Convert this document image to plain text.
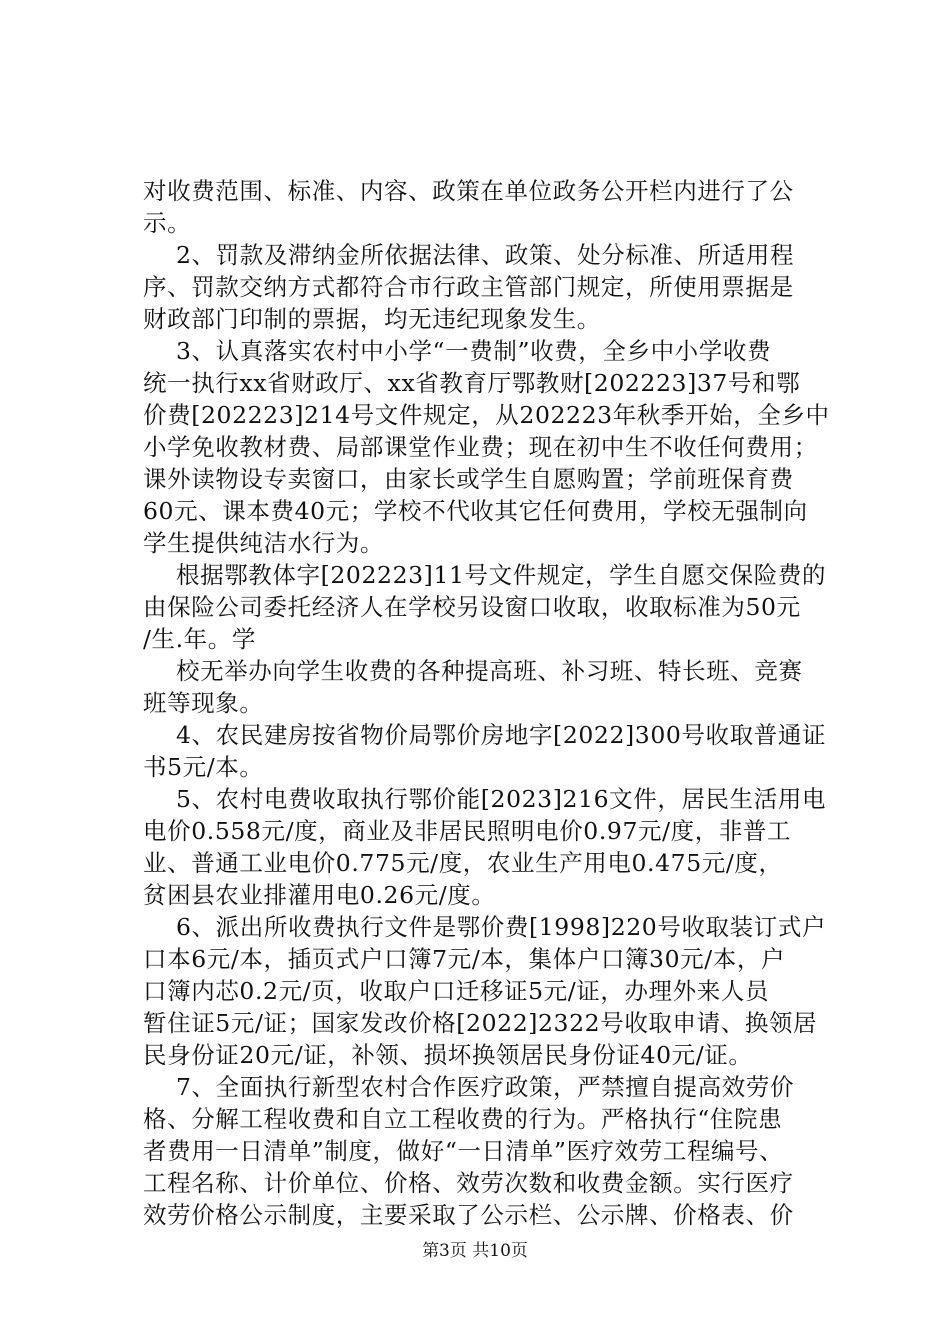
对收费范围、标准、内容、政策在单位政务公开栏内进行了公
示。
2、罚款及滞纳金所依据法律、政策、处分标准、所适用程
序、罚款交纳方式都符合市行政主管部门规定，所使用票据是
财政部门印制的票据，均无违纪现象发生。
3、认真落实农村中小学“一费制”收费，全乡中小学收费
统一执行xx省财政厅、xx省教育厅鄂教财[202223]37号和鄂
价费[202223]214号文件规定，从202223年秋季开始，全乡中
小学免收教材费、局部课堂作业费；现在初中生不收任何费用；
课外读物设专卖窗口，由家长或学生自愿购置；学前班保育费
60元、课本费40元；学校不代收其它任何费用，学校无强制向
学生提供纯洁水行为。
根据鄂教体字[202223]11号文件规定，学生自愿交保险费的
由保险公司委托经济人在学校另设窗口收取，收取标准为50元
/生.年。学
校无举办向学生收费的各种提高班、补习班、特长班、竞赛
班等现象。
4、农民建房按省物价局鄂价房地字[2022]300号收取普通证
书5元/本。
5、农村电费收取执行鄂价能[2023]216文件，居民生活用电
电价0.558元/度，商业及非居民照明电价0.97元/度，非普工
业、普通工业电价0.775元/度，农业生产用电0.475元/度，
贫困县农业排灌用电0.26元/度。
6、派出所收费执行文件是鄂价费[1998]220号收取装订式户
口本6元/本，插页式户口簿7元/本，集体户口簿30元/本，户
口簿内芯0.2元/页，收取户口迁移证5元/证，办理外来人员
暂住证5元/证；国家发改价格[2022]2322号收取申请、换领居
民身份证20元/证，补领、损坏换领居民身份证40元/证。
7、全面执行新型农村合作医疗政策，严禁擅自提高效劳价
格、分解工程收费和自立工程收费的行为。严格执行“住院患
者费用一日清单”制度，做好“一日清单”医疗效劳工程编号、
工程名称、计价单位、价格、效劳次数和收费金额。实行医疗
效劳价格公示制度，主要采取了公示栏、公示牌、价格表、价
第3页 共10页
